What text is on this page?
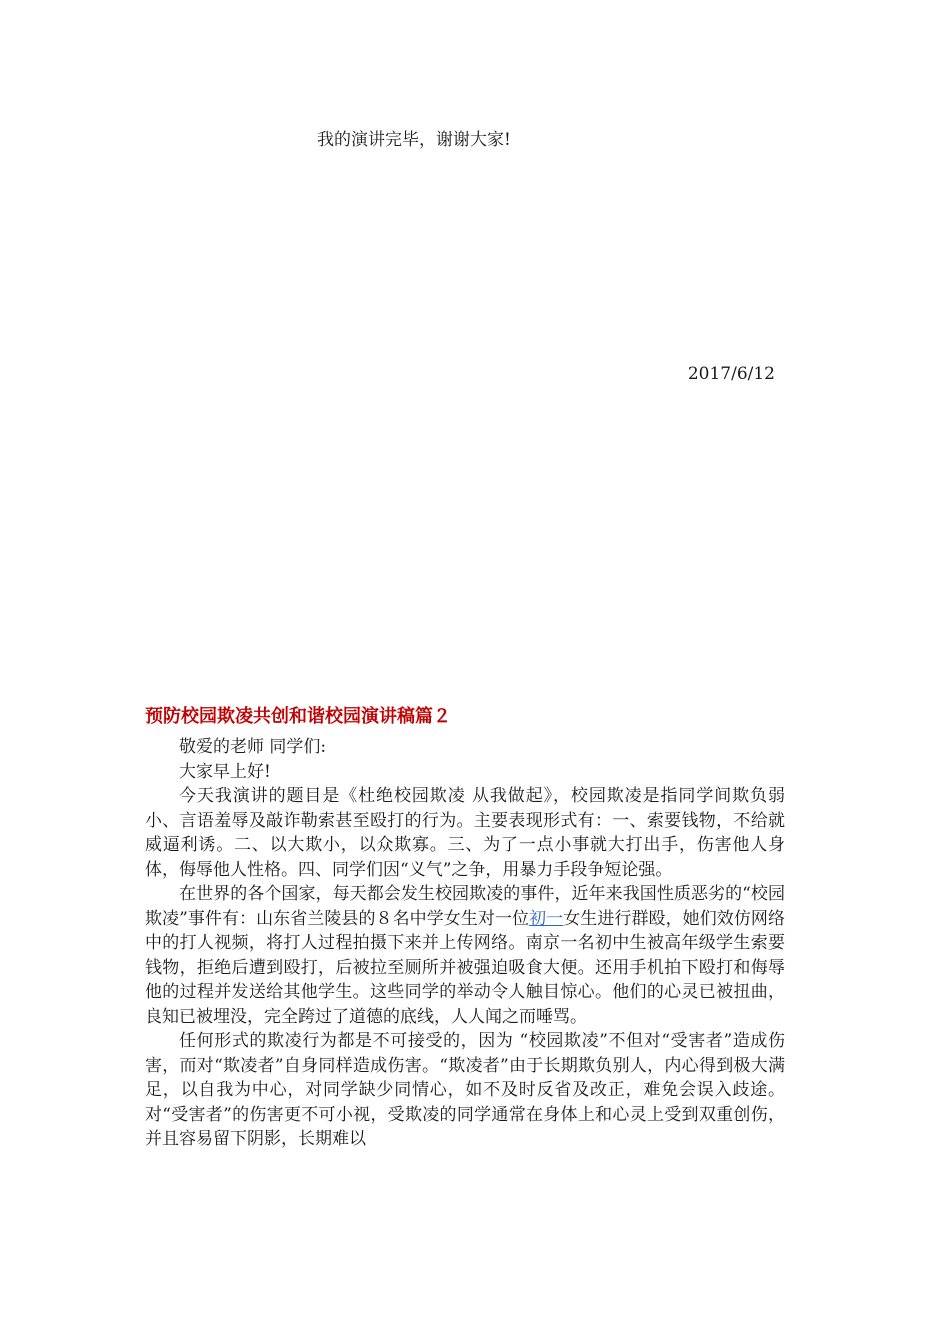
我的演讲完毕，谢谢大家!
2017/6/12
预防校园欺凌共创和谐校园演讲稿篇２

敬爱的老师 同学们:

大家早上好!

今天我演讲的题目是《杜绝校园欺凌 从我做起》，校园欺凌是指同学间欺负弱小、言语羞辱及敲诈勒索甚至殴打的行为。主要表现形式有：一、索要钱物，不给就威逼利诱。二、以大欺小，以众欺寡。三、为了一点小事就大打出手，伤害他人身体，侮辱他人性格。四、同学们因“义气”之争，用暴力手段争短论强。

在世界的各个国家，每天都会发生校园欺凌的事件，近年来我国性质恶劣的“校园欺凌”事件有：山东省兰陵县的８名中学女生对一位初一女生进行群殴，她们效仿网络中的打人视频，将打人过程拍摄下来并上传网络。南京一名初中生被高年级学生索要钱物，拒绝后遭到殴打，后被拉至厕所并被强迫吸食大便。还用手机拍下殴打和侮辱他的过程并发送给其他学生。这些同学的举动令人触目惊心。他们的心灵已被扭曲，良知已被埋没，完全跨过了道德的底线，人人闻之而唾骂。

任何形式的欺凌行为都是不可接受的，因为 “校园欺凌”不但对“受害者”造成伤害，而对“欺凌者”自身同样造成伤害。“欺凌者”由于长期欺负别人，内心得到极大满足，以自我为中心，对同学缺少同情心，如不及时反省及改正，难免会误入歧途。对“受害者”的伤害更不可小视，受欺凌的同学通常在身体上和心灵上受到双重创伤，并且容易留下阴影，长期难以
